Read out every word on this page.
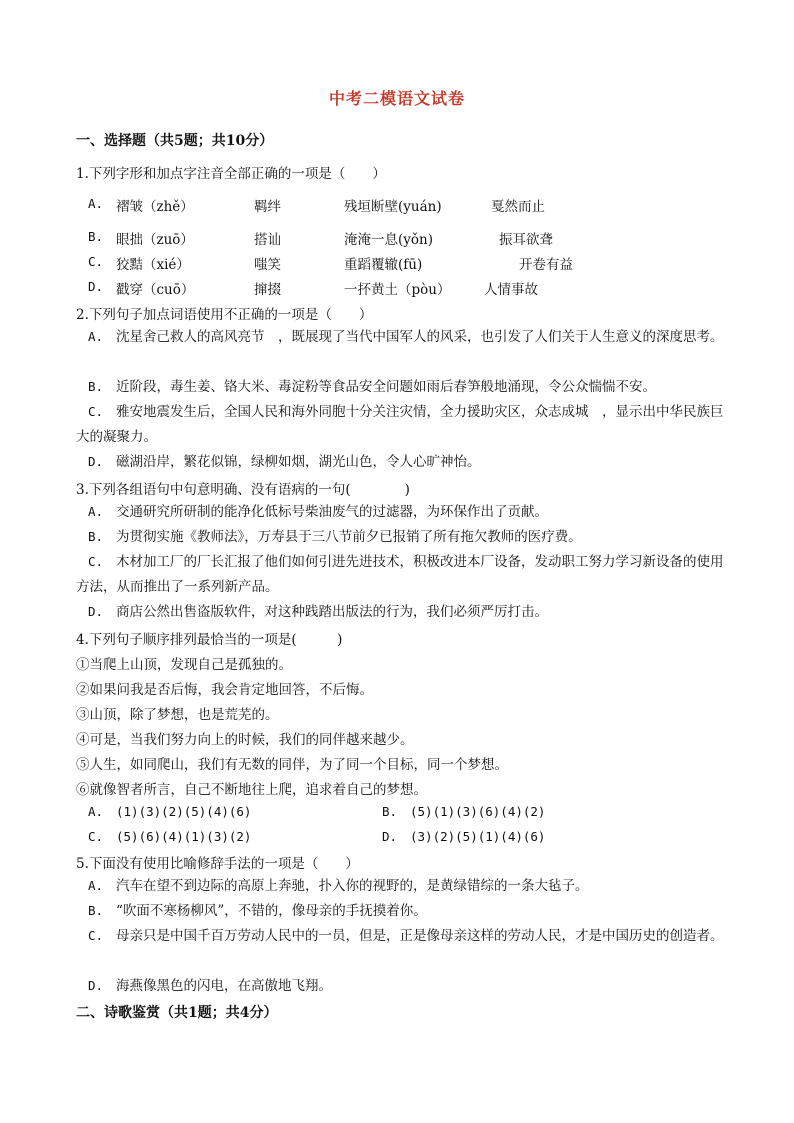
中考二模语文试卷
一、选择题（共5题；共10分）
1.下列字形和加点字注音全部正确的一项是（　　）
A. 褶皱（zhě）	羁绊	残垣断壁(yuán)	戛然而止
B. 眼拙（zuō）	搭讪	淹淹一息(yǒn)	振耳欲聋
C. 狡黠（xié）	嗤笑	重蹈覆辙(fū)	开卷有益
D. 戳穿（cuō）	撺掇	一抔黄土（pòu） 人情事故
2.下列句子加点词语使用不正确的一项是（　　）
A. 沈星舍己救人的高风亮节　，既展现了当代中国军人的风采，也引发了人们关于人生意义的深度思考。
B. 近阶段，毒生姜、铬大米、毒淀粉等食品安全问题如雨后春笋般地涌现，令公众惴惴不安。
C. 雅安地震发生后，全国人民和海外同胞十分关注灾情，全力援助灾区，众志成城　，显示出中华民族巨大的凝聚力。
D. 磁湖沿岸，繁花似锦，绿柳如烟，湖光山色，令人心旷神怡。
3.下列各组语句中句意明确、没有语病的一句(　　　　)
A. 交通研究所研制的能净化低标号柴油废气的过滤器，为环保作出了贡献。
B. 为贯彻实施《教师法》，万寿县于三八节前夕已报销了所有拖欠教师的医疗费。
C. 木材加工厂的厂长汇报了他们如何引进先进技术，积极改进本厂设备，发动职工努力学习新设备的使用方法，从而推出了一系列新产品。
D. 商店公然出售盗版软件，对这种践踏出版法的行为，我们必须严厉打击。
4.下列句子顺序排列最恰当的一项是(　　　)
①当爬上山顶，发现自己是孤独的。
②如果问我是否后悔，我会肯定地回答，不后悔。
③山顶，除了梦想，也是荒芜的。
④可是，当我们努力向上的时候，我们的同伴越来越少。
⑤人生，如同爬山，我们有无数的同伴，为了同一个目标，同一个梦想。
⑥就像智者所言，自己不断地往上爬，追求着自己的梦想。
A. (1)(3)(2)(5)(4)(6)	B. (5)(1)(3)(6)(4)(2)
C. (5)(6)(4)(1)(3)(2)	D. (3)(2)(5)(1)(4)(6)
5.下面没有使用比喻修辞手法的一项是（　　）
A. 汽车在望不到边际的高原上奔驰，扑入你的视野的，是黄绿错综的一条大毡子。
B. “吹面不寒杨柳风”，不错的，像母亲的手抚摸着你。
C. 母亲只是中国千百万劳动人民中的一员，但是，正是像母亲这样的劳动人民，才是中国历史的创造者。
D. 海燕像黑色的闪电，在高傲地飞翔。
二、诗歌鉴赏（共1题；共4分）
